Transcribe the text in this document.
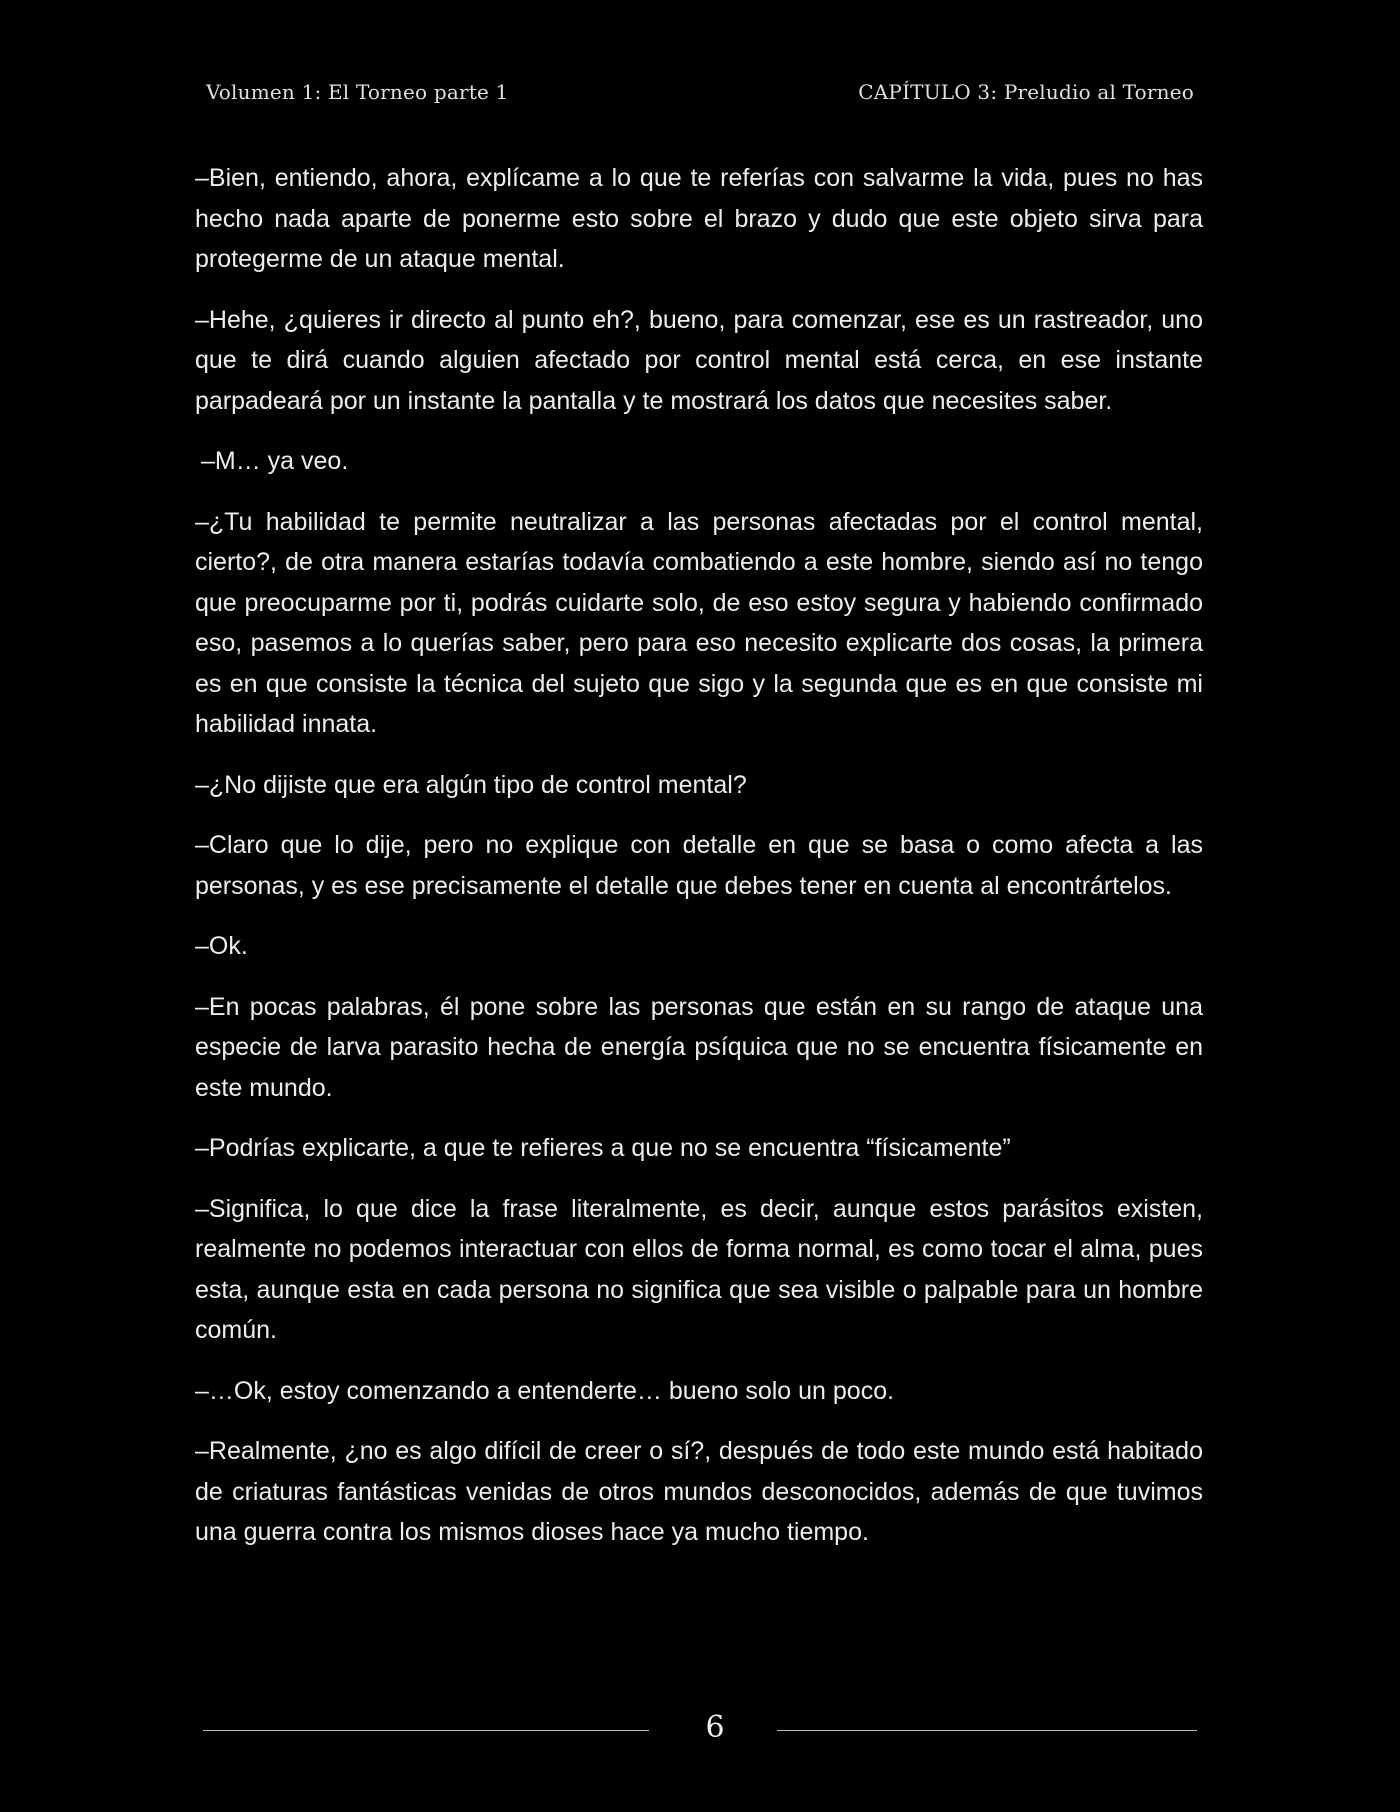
Volumen 1: El Torneo parte 1	CAPÍTULO 3: Preludio al Torneo

–Bien, entiendo, ahora, explícame a lo que te referías con salvarme la vida, pues no has hecho nada aparte de ponerme esto sobre el brazo y dudo que este objeto sirva para protegerme de un ataque mental.

–Hehe, ¿quieres ir directo al punto eh?, bueno, para comenzar, ese es un rastreador, uno que te dirá cuando alguien afectado por control mental está cerca, en ese instante parpadeará por un instante la pantalla y te mostrará los datos que necesites saber.

–M… ya veo.

–¿Tu habilidad te permite neutralizar a las personas afectadas por el control mental, cierto?, de otra manera estarías todavía combatiendo a este hombre, siendo así no tengo que preocuparme por ti, podrás cuidarte solo, de eso estoy segura y habiendo confirmado eso, pasemos a lo querías saber, pero para eso necesito explicarte dos cosas, la primera es en que consiste la técnica del sujeto que sigo y la segunda que es en que consiste mi habilidad innata.

–¿No dijiste que era algún tipo de control mental?

–Claro que lo dije, pero no explique con detalle en que se basa o como afecta a las personas, y es ese precisamente el detalle que debes tener en cuenta al encontrártelos.

–Ok.

–En pocas palabras, él pone sobre las personas que están en su rango de ataque una especie de larva parasito hecha de energía psíquica que no se encuentra físicamente en este mundo.

–Podrías explicarte, a que te refieres a que no se encuentra “físicamente”

–Significa, lo que dice la frase literalmente, es decir, aunque estos parásitos existen, realmente no podemos interactuar con ellos de forma normal, es como tocar el alma, pues esta, aunque esta en cada persona no significa que sea visible o palpable para un hombre común.

–…Ok, estoy comenzando a entenderte… bueno solo un poco.

–Realmente, ¿no es algo difícil de creer o sí?, después de todo este mundo está habitado de criaturas fantásticas venidas de otros mundos desconocidos, además de que tuvimos una guerra contra los mismos dioses hace ya mucho tiempo.

6
